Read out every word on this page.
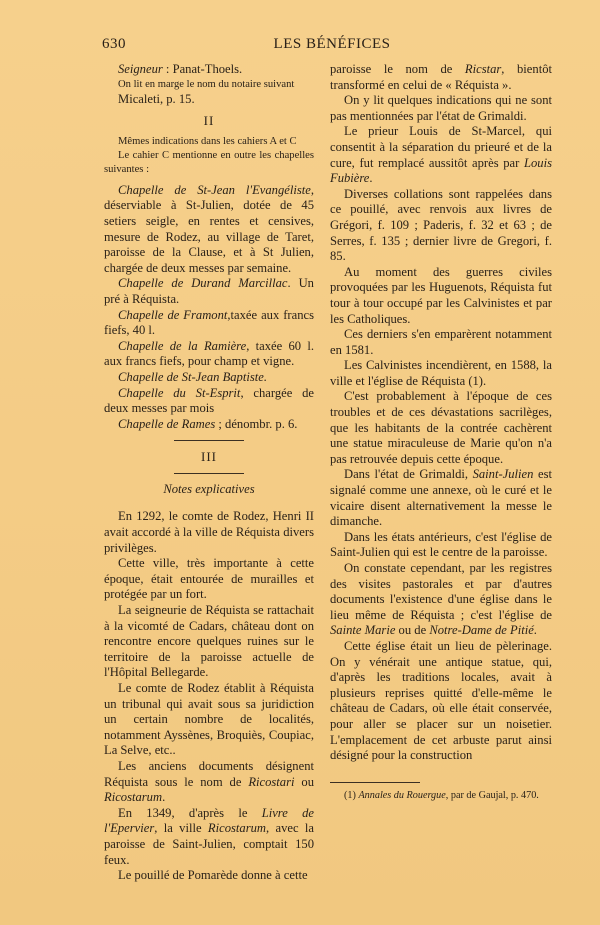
630	LES BÉNÉFICES

Seigneur : Panat-Thoels.

On lit en marge le nom du notaire suivant

Micaleti, p. 15.

II

Mêmes indications dans les cahiers A et C

Le cahier C mentionne en outre les chapelles suivantes :

Chapelle de St-Jean l'Evangéliste, déserviable à St-Julien, dotée de 45 setiers seigle, en rentes et censives, mesure de Rodez, au village de Taret, paroisse de la Clause, et à St Julien, chargée de deux messes par semaine.

Chapelle de Durand Marcillac. Un pré à Réquista.

Chapelle de Framont,taxée aux francs fiefs, 40 l.

Chapelle de la Ramière, taxée 60 l. aux francs fiefs, pour champ et vigne.

Chapelle de St-Jean Baptiste.

Chapelle du St-Esprit, chargée de deux messes par mois

Chapelle de Rames ; dénombr. p. 6.

III

Notes explicatives

En 1292, le comte de Rodez, Henri II avait accordé à la ville de Réquista divers privilèges.

Cette ville, très importante à cette époque, était entourée de murailles et protégée par un fort.

La seigneurie de Réquista se rattachait à la vicomté de Cadars, château dont on rencontre encore quelques ruines sur le territoire de la paroisse actuelle de l'Hôpital Bellegarde.

Le comte de Rodez établit à Réquista un tribunal qui avait sous sa juridiction un certain nombre de localités, notamment Ayssènes, Broquiès, Coupiac, La Selve, etc..

Les anciens documents désignent Réquista sous le nom de Ricostari ou Ricostarum.

En 1349, d'après le Livre de l'Epervier, la ville Ricostarum, avec la paroisse de Saint-Julien, comptait 150 feux.

Le pouillé de Pomarède donne à cette

paroisse le nom de Ricstar, bientôt transformé en celui de « Réquista ».

On y lit quelques indications qui ne sont pas mentionnées par l'état de Grimaldi.

Le prieur Louis de St-Marcel, qui consentit à la séparation du prieuré et de la cure, fut remplacé aussitôt après par Louis Fubière.

Diverses collations sont rappelées dans ce pouillé, avec renvois aux livres de Grégori, f. 109 ; Paderis, f. 32 et 63 ; de Serres, f. 135 ; dernier livre de Gregori, f. 85.

Au moment des guerres civiles provoquées par les Huguenots, Réquista fut tour à tour occupé par les Calvinistes et par les Catholiques.

Ces derniers s'en emparèrent notamment en 1581.

Les Calvinistes incendièrent, en 1588, la ville et l'église de Réquista (1).

C'est probablement à l'époque de ces troubles et de ces dévastations sacrilèges, que les habitants de la contrée cachèrent une statue miraculeuse de Marie qu'on n'a pas retrouvée depuis cette époque.

Dans l'état de Grimaldi, Saint-Julien est signalé comme une annexe, où le curé et le vicaire disent alternativement la messe le dimanche.

Dans les états antérieurs, c'est l'église de Saint-Julien qui est le centre de la paroisse.

On constate cependant, par les registres des visites pastorales et par d'autres documents l'existence d'une église dans le lieu même de Réquista ; c'est l'église de Sainte Marie ou de Notre-Dame de Pitié.

Cette église était un lieu de pèlerinage. On y vénérait une antique statue, qui, d'après les traditions locales, avait à plusieurs reprises quitté d'elle-même le château de Cadars, où elle était conservée, pour aller se placer sur un noisetier. L'emplacement de cet arbuste parut ainsi désigné pour la construction

(1) Annales du Rouergue, par de Gaujal, p. 470.
